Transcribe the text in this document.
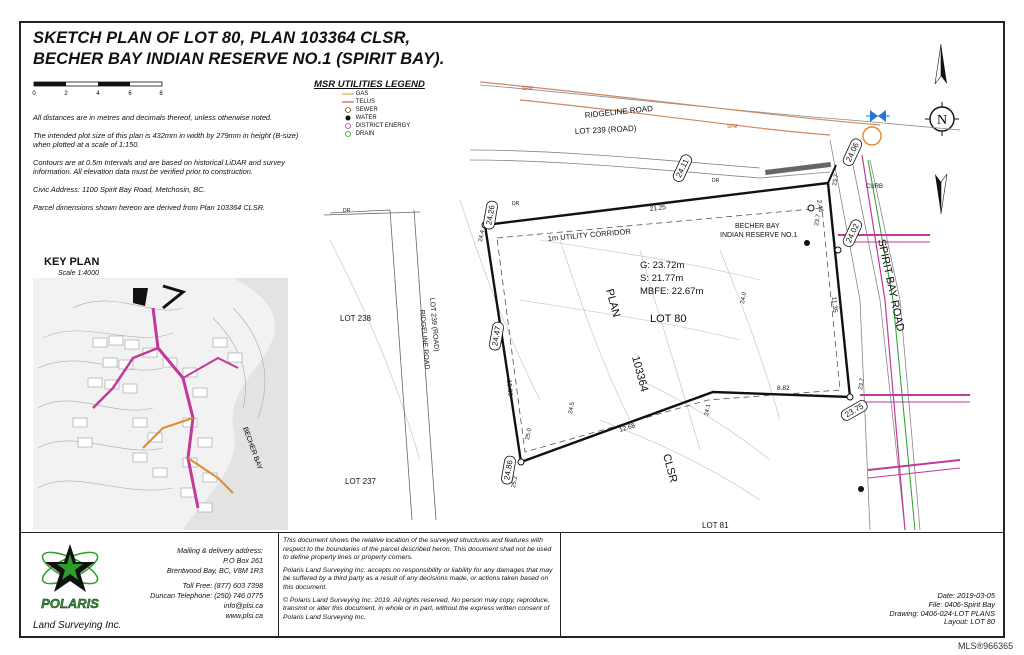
SKETCH PLAN OF LOT 80, PLAN 103364 CLSR,
BECHER BAY INDIAN RESERVE NO.1 (SPIRIT BAY).
0	2	4	6	8

All distances are in metres and decimals thereof, unless otherwise noted.

The intended plot size of this plan is 432mm in width by 279mm in height (B-size) when plotted at a scale of 1:150.

Contours are at 0.5m Intervals and are based on historical LiDAR and survey information. All elevation data must be verified prior to construction.

Civic Address: 1100 Spirit Bay Road, Metchosin, BC.

Parcel dimensions shown hereon are derived from Plan 103364 CLSR.

KEY PLAN
Scale 1:4000
BECHER BAY
MSR UTILITIES LEGEND

GAS

TELUS

SEWER

WATER

DISTRICT ENERGY

DRAIN
N
24.11
24.26
24.4
24.47
24.86
25.2
25.0
24.5	24.1
24.0
23.7
23.7
24.02
23.75
23.7
24.06
21.25
15.39
11.35
12.68
8.82
2.46
RIDGELINE ROAD
LOT 239 (ROAD)
RIDGELINE ROAD
LOT 239 (ROAD)	SPIRIT BAY ROAD
BECHER BAY
INDIAN RESERVE NO.1
LOT 238
LOT 237
LOT 81
LOT 80
PLAN
103364
CLSR
1m UTILITY CORRIDOR
CURB
G: 23.72m
S: 21.77m
MBFE: 22.67m
SFM
SFM
DR
DR
DR
POLARIS
Land Surveying Inc.
Mailing & delivery address:
P.O Box 261
Brentwood Bay, BC, V8M 1R3
Toll Free: (877) 603 7398
Duncan Telephone: (250) 746 0775
info@plsi.ca
www.plsi.ca

This document shows the relative location of the surveyed structures and features with respect to the boundaries of the parcel described heron. This document shall not be used to define property lines or property corners.

Polaris Land Surveying Inc. accepts no responsibility or liability for any damages that may be suffered by a third party as a result of any decisions made, or actions taken based on this document.

© Polaris Land Surveying Inc. 2019. All rights reserved. No person may copy, reproduce, transmit or alter this document, in whole or in part, without the express written consent of Polaris Land Surveying Inc.

Date: 2019-03-05
File: 0406-Spirit Bay
Drawing: 0406-024-LOT PLANS
Layout: LOT 80
MLS®966365
